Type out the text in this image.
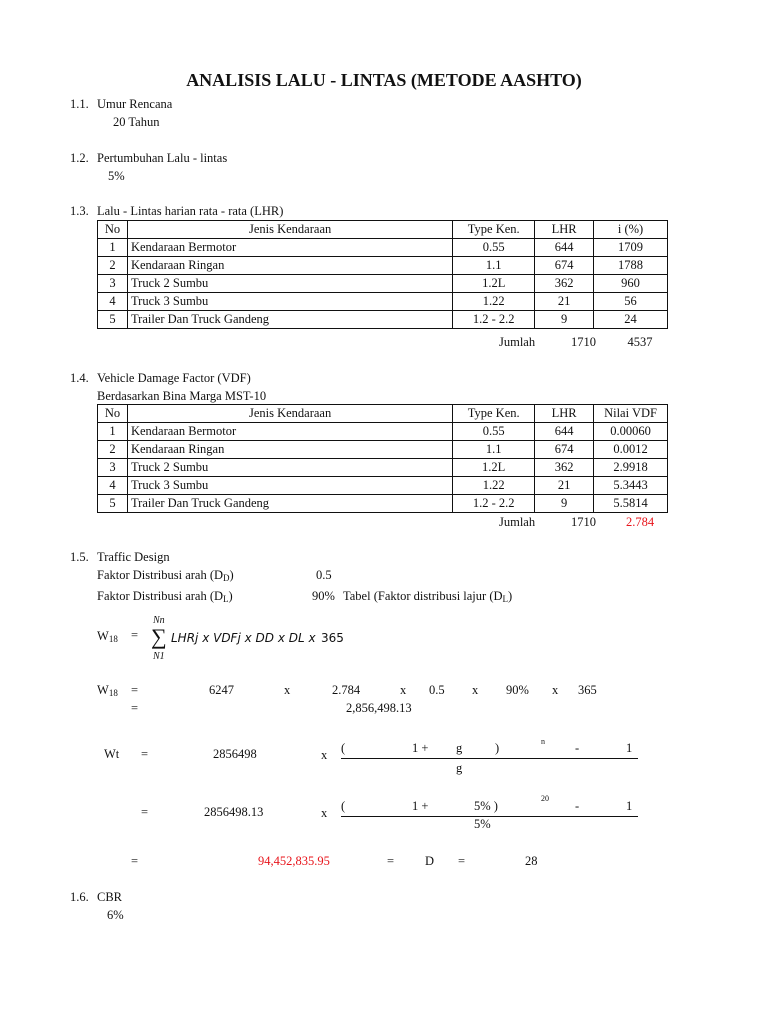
ANALISIS LALU - LINTAS (METODE AASHTO)
1.1. Umur Rencana
20 Tahun
1.2. Pertumbuhan Lalu - lintas
5%
1.3. Lalu - Lintas harian rata - rata (LHR)
No	Jenis Kendaraan	Type Ken.	LHR	i (%)
1	Kendaraan Bermotor	0.55	644	1709
2	Kendaraan Ringan	1.1	674	1788
3	Truck 2 Sumbu	1.2L	362	960
4	Truck 3 Sumbu	1.22	21	56
5	Trailer Dan Truck Gandeng	1.2 - 2.2	9	24
Jumlah	1710	4537
1.4. Vehicle Damage Factor (VDF)
Berdasarkan Bina Marga MST-10
No	Jenis Kendaraan	Type Ken.	LHR	Nilai VDF
1	Kendaraan Bermotor	0.55	644	0.00060
2	Kendaraan Ringan	1.1	674	0.0012
3	Truck 2 Sumbu	1.2L	362	2.9918
4	Truck 3 Sumbu	1.22	21	5.3443
5	Trailer Dan Truck Gandeng	1.2 - 2.2	9	5.5814
Jumlah	1710	2.784
1.5. Traffic Design
Faktor Distribusi arah $(D_D)$	0.5
Faktor Distribusi arah $(D_L)$	90% Tabel (Faktor distribusi lajur $(D_L)$
$W_{18}$ =
Nn
∑
N1
LHRj x VDFj x DD x DL x 365
$W_{18}$ =	6247	x	2.784	x 0.5 x 90% x 365
=	2,856,498.13
Wt =	2856498	x (	1 + g	)	n -	1
g
=	2856498.13	x (	1 +	5% )
20
-	1
5%
=	94,452,835.95	= D =	28
1.6. CBR
6%
